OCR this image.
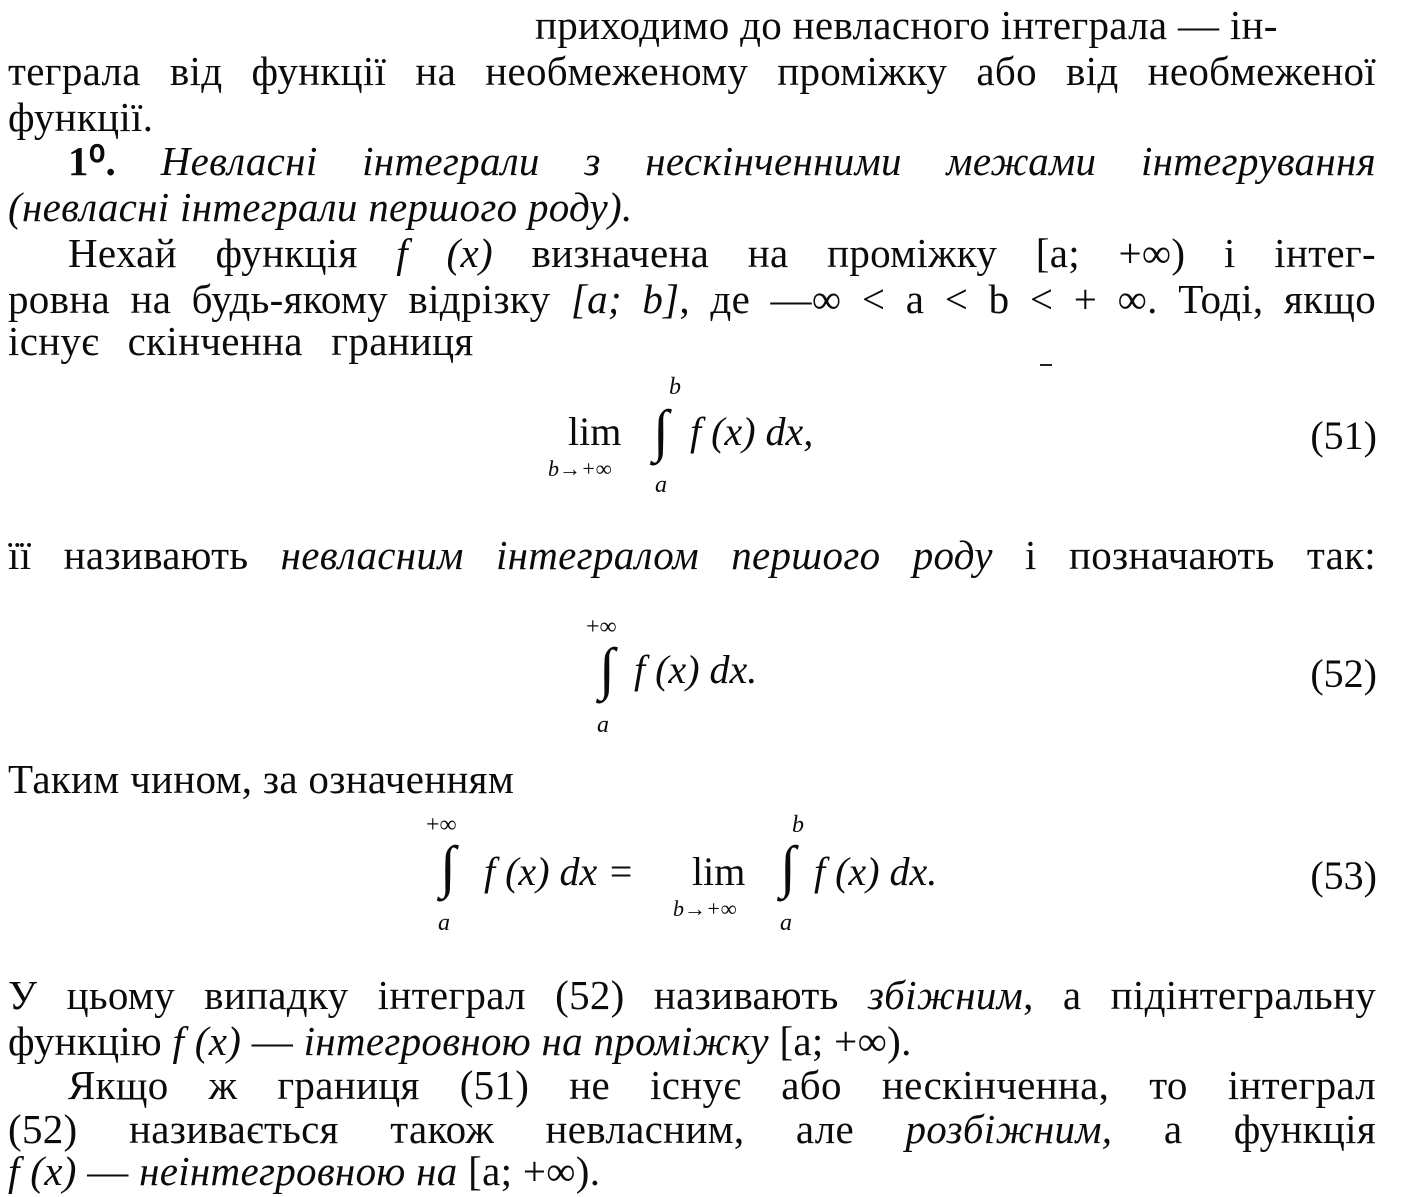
приходимо до невласного інтеграла — ін-
теграла від функції на необмеженому проміжку або від необмеженої
функції.
1⁰. Невласні інтеграли з нескінченними межами інтегрування
(невласні інтеграли першого роду).
Нехай функція f (x) визначена на проміжку [a; +∞) і інтег-
ровна на будь-якому відрізку [a; b], де —∞ < a < b < + ∞. Тоді, якщо
існує скінченна границя
lim
b→+∞
b
∫
a
f (x) dx,	(51)
її називають невласним інтегралом першого роду і позначають так:
+∞
∫
a
f (x) dx.	(52)
Таким чином, за означенням
+∞
∫
a
f (x) dx = lim
b→+∞
b
∫
a
f (x) dx.	(53)
У цьому випадку інтеграл (52) називають збіжним, а підінтегральну
функцію f (x) — інтегровною на проміжку [a; +∞).
Якщо ж границя (51) не існує або нескінченна, то інтеграл
(52) називається також невласним, але розбіжним, а функція
f (x) — неінтегровною на [a; +∞).
